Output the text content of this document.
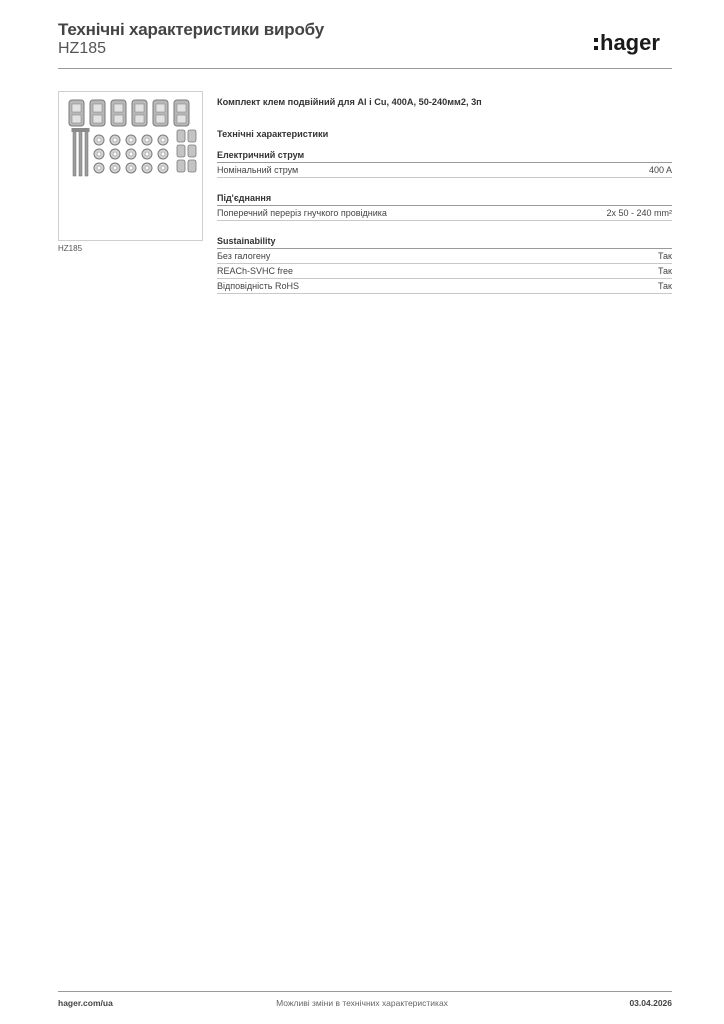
Технічні характеристики виробу
HZ185	hager
HZ185

Комплект клем подвійний для Al і Cu, 400A, 50-240мм2, 3п

Технічні характеристики

Електричний струм
Номінальний струм	400 A
Під'єднання
Поперечний переріз гнучкого провідника	2x 50 - 240 mm²
Sustainability
Без галогену	Так
REACh-SVHC free	Так
Відповідність RoHS	Так
hager.com/ua	Можливі зміни в технічних характеристиках	03.04.2026
